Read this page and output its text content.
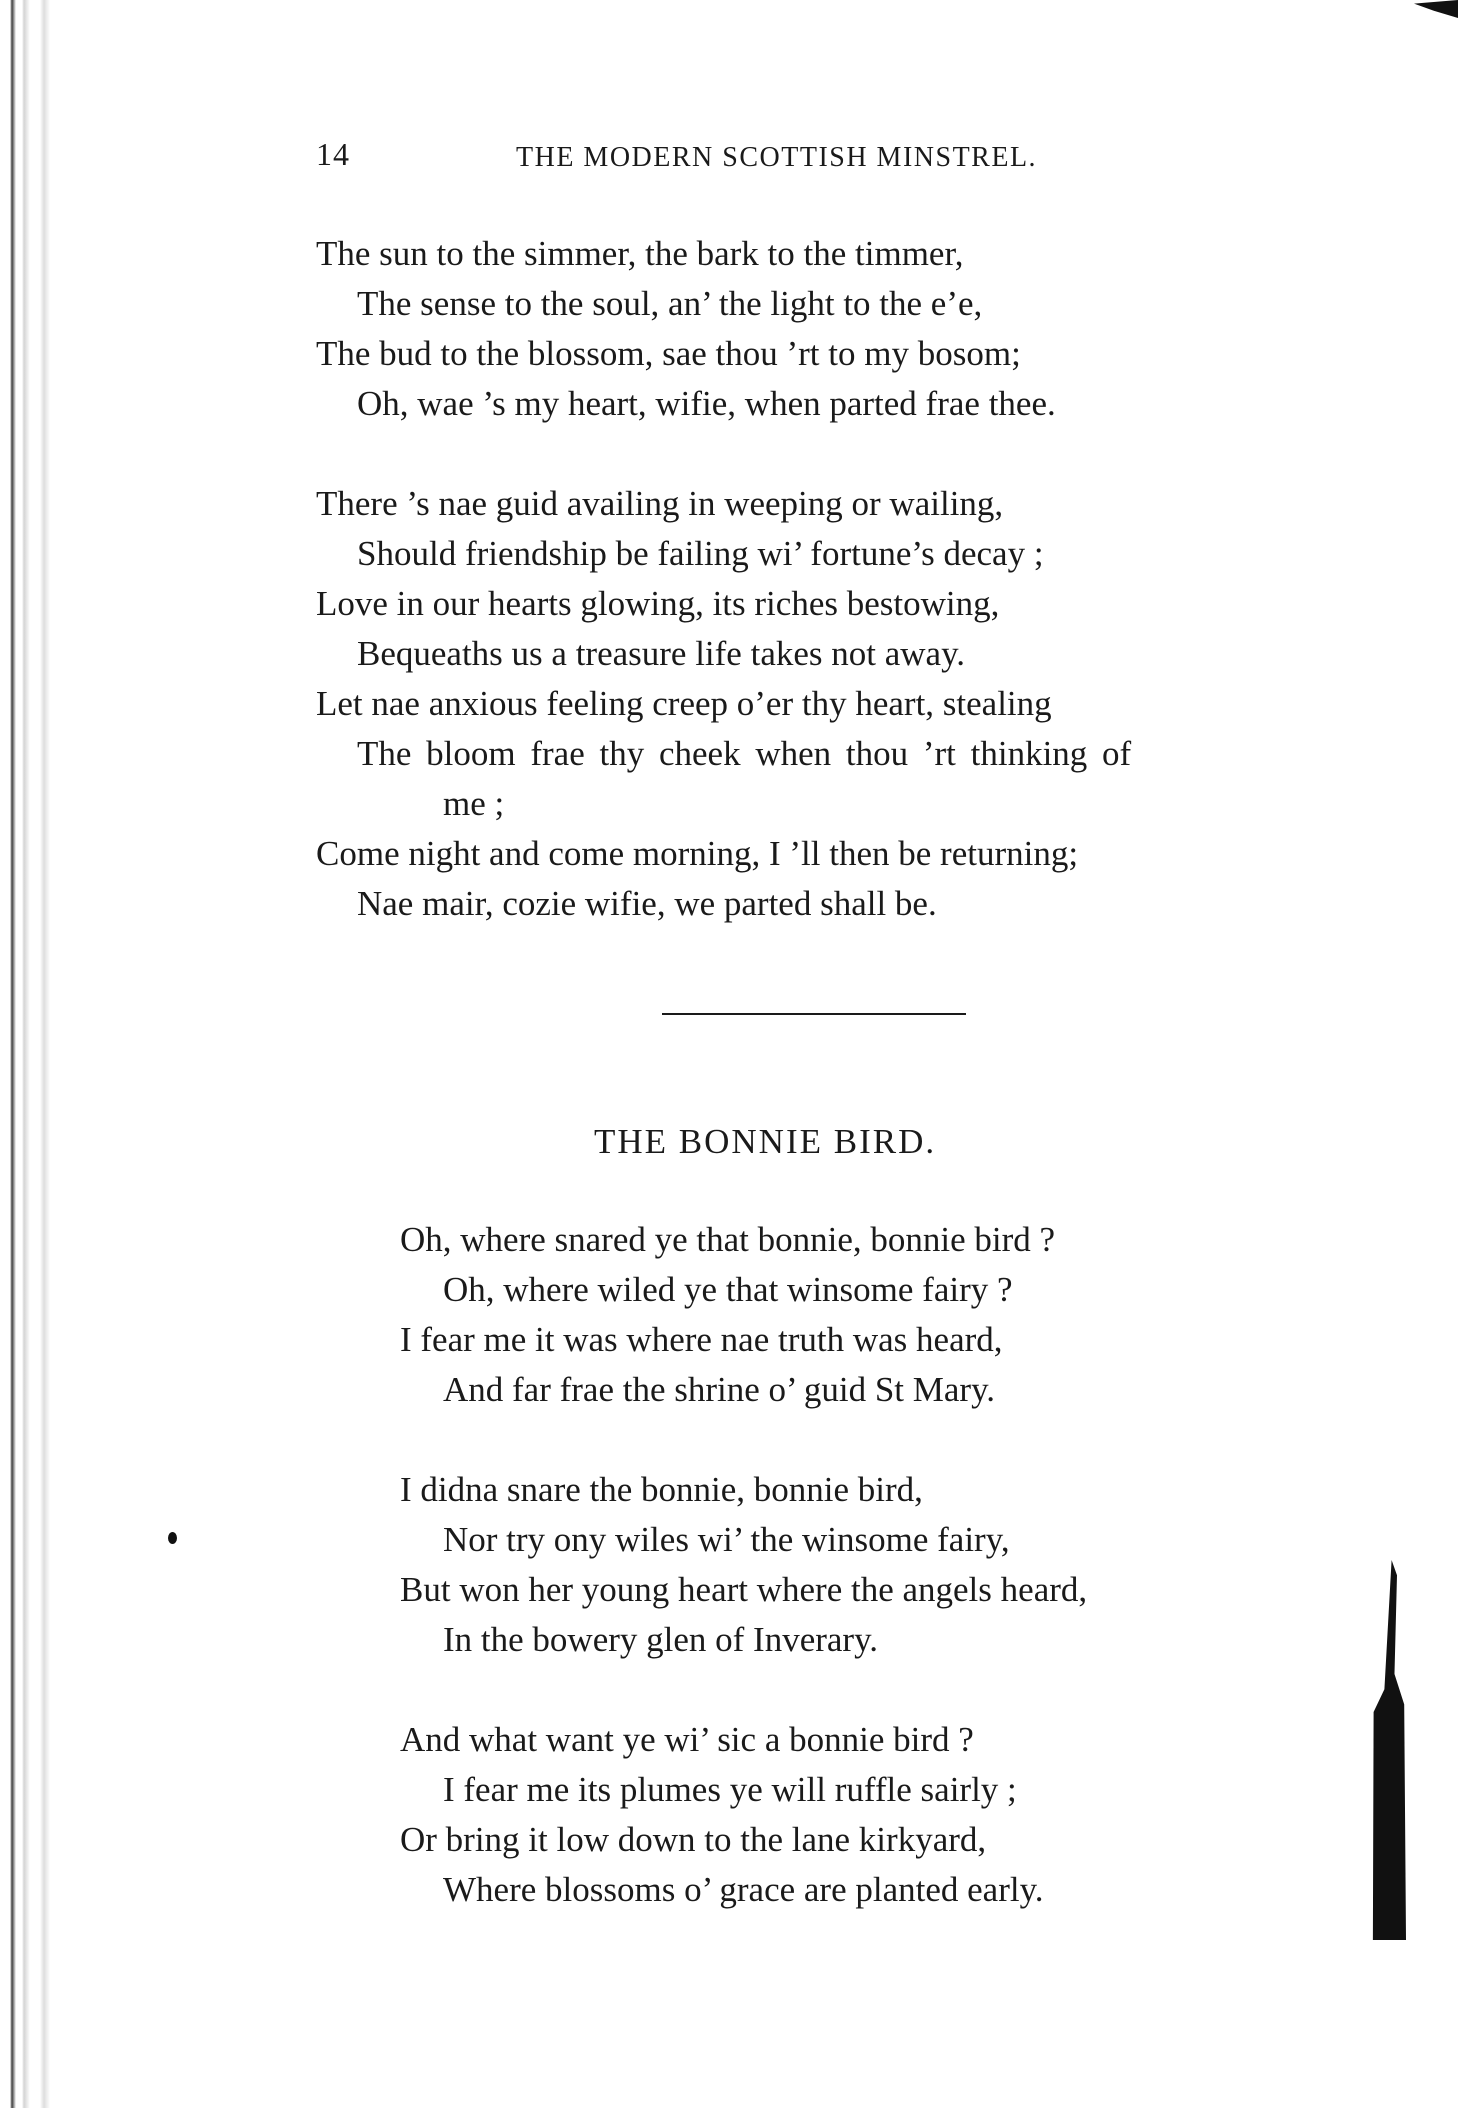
14	THE MODERN SCOTTISH MINSTREL.
The sun to the simmer, the bark to the timmer,
The sense to the soul, an’ the light to the e’e,
The bud to the blossom, sae thou ’rt to my bosom;
Oh, wae ’s my heart, wifie, when parted frae thee.
There ’s nae guid availing in weeping or wailing,
Should friendship be failing wi’ fortune’s decay ;
Love in our hearts glowing, its riches bestowing,
Bequeaths us a treasure life takes not away.
Let nae anxious feeling creep o’er thy heart, stealing
The bloom frae thy cheek when thou ’rt thinking of
me ;
Come night and come morning, I ’ll then be returning;
Nae mair, cozie wifie, we parted shall be.
THE BONNIE BIRD.
Oh, where snared ye that bonnie, bonnie bird ?
Oh, where wiled ye that winsome fairy ?
I fear me it was where nae truth was heard,
And far frae the shrine o’ guid St Mary.
I didna snare the bonnie, bonnie bird,
Nor try ony wiles wi’ the winsome fairy,
But won her young heart where the angels heard,
In the bowery glen of Inverary.
And what want ye wi’ sic a bonnie bird ?
I fear me its plumes ye will ruffle sairly ;
Or bring it low down to the lane kirkyard,
Where blossoms o’ grace are planted early.
